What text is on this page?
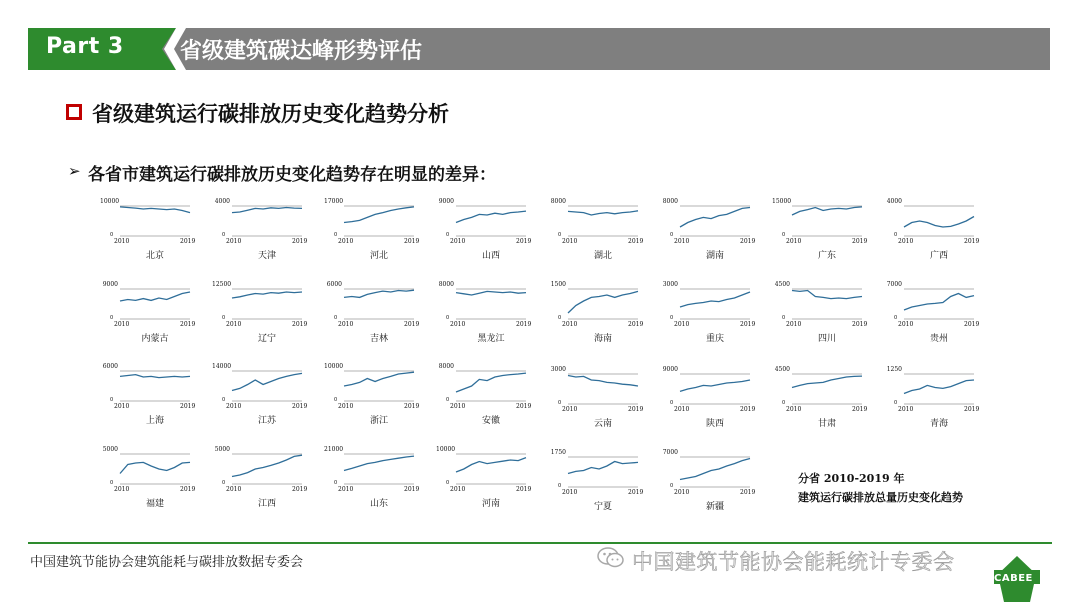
Part 3	省级建筑碳达峰形势评估
省级建筑运行碳排放历史变化趋势分析
➢ 各省市建筑运行碳排放历史变化趋势存在明显的差异：
10000
0
2010	2019
北京
4000
0
2010	2019
天津
17000
0
2010	2019
河北
9000
0
2010	2019
山西
8000
0
2010	2019
湖北
8000
0
2010	2019
湖南
15000
0
2010	2019
广东
4000
0
2010	2019
广西
9000
0
2010	2019
内蒙古
12500
0
2010	2019
辽宁
6000
0
2010	2019
吉林
8000
0
2010	2019
黑龙江
1500
0
2010	2019
海南
3000
0
2010	2019
重庆
4500
0
2010	2019
四川
7000
0
2010	2019
贵州
6000
0
2010	2019
上海
14000
0
2010	2019
江苏
10000
0
2010	2019
浙江
8000
0
2010	2019
安徽
3000
0
2010	2019
云南
9000
0
2010	2019
陕西
4500
0
2010	2019
甘肃
1250
0
2010	2019
青海
5000
0
2010	2019
福建
5000
0
2010	2019
江西
21000
0
2010	2019
山东
10000
0
2010	2019
河南
1750
0
2010	2019
宁夏
7000
0
2010	2019
新疆
分省 2010-2019 年
建筑运行碳排放总量历史变化趋势
中国建筑节能协会建筑能耗与碳排放数据专委会	中国建筑节能协会能耗统计专委会
CABEE
